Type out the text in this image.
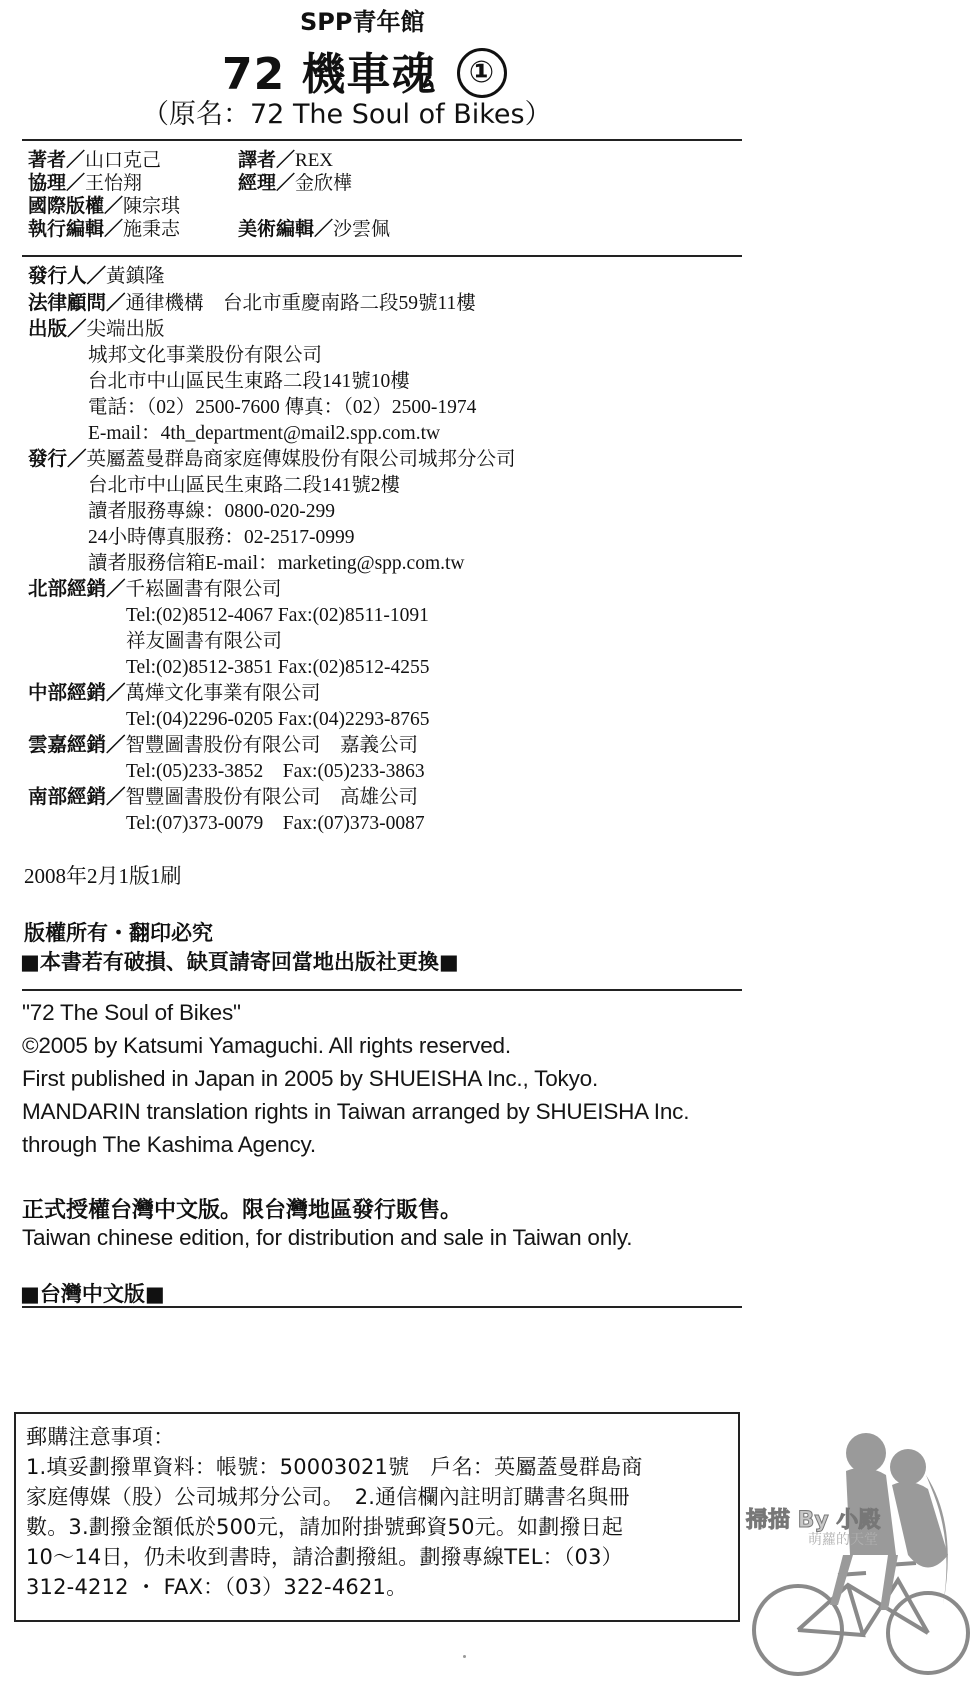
SPP青年館
72 機車魂 ①
（原名：72 The Soul of Bikes）
著者／山口克己	譯者／REX
協理／王怡翔	經理／金欣樺
國際版權／陳宗琪
執行編輯／施秉志	美術編輯／沙雲佩
發行人／黃鎮隆
法律顧問／通律機構　台北市重慶南路二段59號11樓
出版／尖端出版
城邦文化事業股份有限公司
台北市中山區民生東路二段141號10樓
電話：（02）2500-7600 傳真：（02）2500-1974
E-mail：4th_department@mail2.spp.com.tw
發行／英屬蓋曼群島商家庭傳媒股份有限公司城邦分公司
台北市中山區民生東路二段141號2樓
讀者服務專線：0800-020-299
24小時傳真服務：02-2517-0999
讀者服務信箱E-mail：marketing@spp.com.tw
北部經銷／千崧圖書有限公司
Tel:(02)8512-4067 Fax:(02)8511-1091
祥友圖書有限公司
Tel:(02)8512-3851 Fax:(02)8512-4255
中部經銷／萬燁文化事業有限公司
Tel:(04)2296-0205 Fax:(04)2293-8765
雲嘉經銷／智豐圖書股份有限公司　嘉義公司
Tel:(05)233-3852　Fax:(05)233-3863
南部經銷／智豐圖書股份有限公司　高雄公司
Tel:(07)373-0079　Fax:(07)373-0087
2008年2月1版1刷
版權所有・翻印必究
■本書若有破損、缺頁請寄回當地出版社更換■
"72 The Soul of Bikes"
©2005 by Katsumi Yamaguchi. All rights reserved.
First published in Japan in 2005 by SHUEISHA Inc., Tokyo.
MANDARIN translation rights in Taiwan arranged by SHUEISHA Inc.
through The Kashima Agency.
正式授權台灣中文版。限台灣地區發行販售。
Taiwan chinese edition, for distribution and sale in Taiwan only.
■台灣中文版■
郵購注意事項：
1.填妥劃撥單資料：帳號：50003021號　戶名：英屬蓋曼群島商
家庭傳媒（股）公司城邦分公司。　2.通信欄內註明訂購書名與冊
數。3.劃撥金額低於500元，請加附掛號郵資50元。如劃撥日起
10～14日，仍未收到書時，請洽劃撥組。劃撥專線TEL：（03）
312-4212 ・ FAX：（03）322-4621。
掃描 By 小殿
萌蘿的天堂
